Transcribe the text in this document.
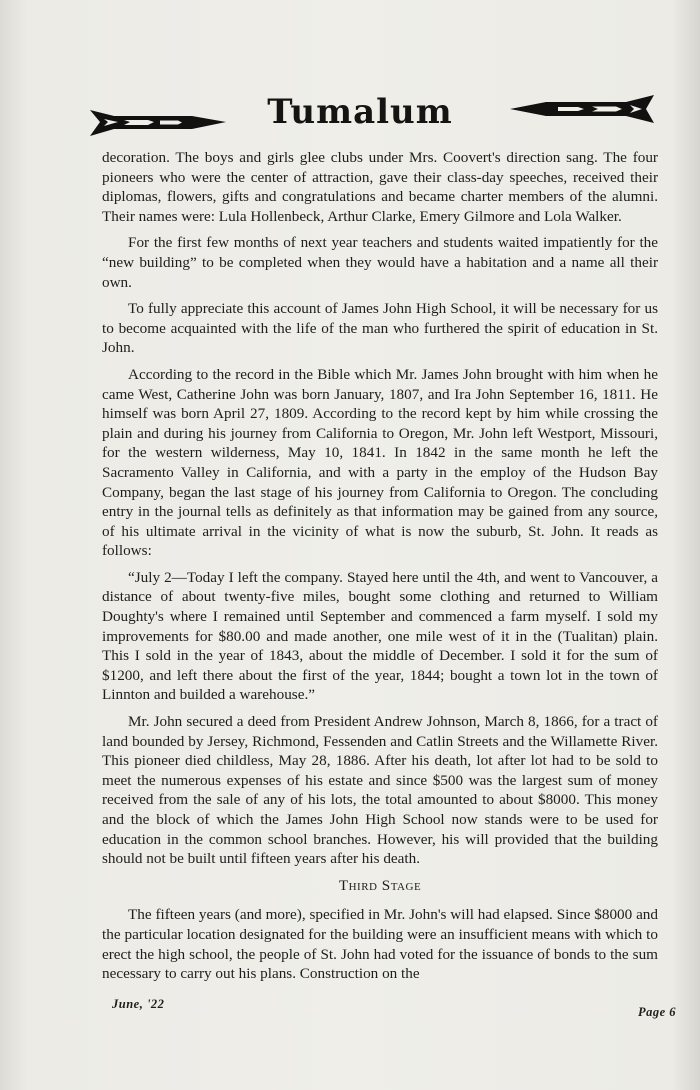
Tumalum

decoration. The boys and girls glee clubs under Mrs. Coovert's direction sang. The four pioneers who were the center of attraction, gave their class-day speeches, received their diplomas, flowers, gifts and congratulations and became charter members of the alumni. Their names were: Lula Hollenbeck, Arthur Clarke, Emery Gilmore and Lola Walker.

For the first few months of next year teachers and students waited impatiently for the “new building” to be completed when they would have a habitation and a name all their own.

To fully appreciate this account of James John High School, it will be necessary for us to become acquainted with the life of the man who furthered the spirit of education in St. John.

According to the record in the Bible which Mr. James John brought with him when he came West, Catherine John was born January, 1807, and Ira John September 16, 1811. He himself was born April 27, 1809. According to the record kept by him while crossing the plain and during his journey from California to Oregon, Mr. John left Westport, Missouri, for the western wilderness, May 10, 1841. In 1842 in the same month he left the Sacramento Valley in California, and with a party in the employ of the Hudson Bay Company, began the last stage of his journey from California to Oregon. The concluding entry in the journal tells as definitely as that information may be gained from any source, of his ultimate arrival in the vicinity of what is now the suburb, St. John. It reads as follows:

“July 2—Today I left the company. Stayed here until the 4th, and went to Vancouver, a distance of about twenty-five miles, bought some clothing and returned to William Doughty's where I remained until September and commenced a farm myself. I sold my improvements for $80.00 and made another, one mile west of it in the (Tualitan) plain. This I sold in the year of 1843, about the middle of December. I sold it for the sum of $1200, and left there about the first of the year, 1844; bought a town lot in the town of Linnton and builded a warehouse.”

Mr. John secured a deed from President Andrew Johnson, March 8, 1866, for a tract of land bounded by Jersey, Richmond, Fessenden and Catlin Streets and the Willamette River. This pioneer died childless, May 28, 1886. After his death, lot after lot had to be sold to meet the numerous expenses of his estate and since $500 was the largest sum of money received from the sale of any of his lots, the total amounted to about $8000. This money and the block of which the James John High School now stands were to be used for education in the common school branches. However, his will provided that the building should not be built until fifteen years after his death.

Third Stage

The fifteen years (and more), specified in Mr. John's will had elapsed. Since $8000 and the particular location designated for the building were an insufficient means with which to erect the high school, the people of St. John had voted for the issuance of bonds to the sum necessary to carry out his plans. Construction on the

June, '22
Page 6
